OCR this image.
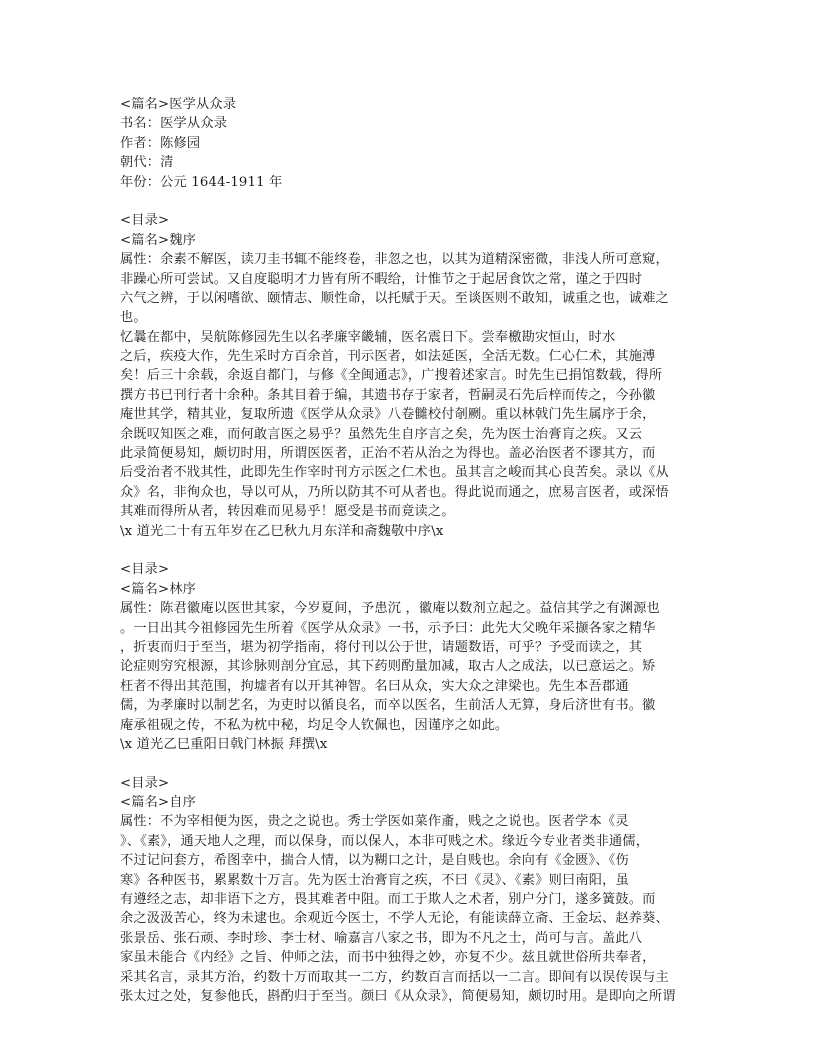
<篇名>医学从众录
书名：医学从众录
作者：陈修园
朝代：清
年份：公元 1644-1911 年
<目录>
<篇名>魏序
属性：余素不解医，读刀圭书辄不能终卷，非忽之也，以其为道精深密微，非浅人所可意窥，
非躁心所可尝试。又自度聪明才力皆有所不暇给，计惟节之于起居食饮之常，谨之于四时
六气之辨，于以闲嗜欲、颐情志、顺性命，以托赋于天。至谈医则不敢知，诚重之也，诚难之
也。
忆曩在都中，吴航陈修园先生以名孝廉宰畿辅，医名震日下。尝奉檄勘灾恒山，时水
之后，疾疫大作，先生采时方百余首，刊示医者，如法延医，全活无数。仁心仁术，其施溥
矣！后三十余载，余返自都门，与修《全闽通志》，广搜着述家言。时先生已捐馆数载，得所
撰方书已刊行者十余种。条其目着于编，其遗书存于家者，哲嗣灵石先后梓而传之，今孙徽
庵世其学，精其业，复取所遗《医学从众录》八卷雠校付剞劂。重以林戟门先生属序于余，
余既叹知医之难，而何敢言医之易乎？虽然先生自序言之矣，先为医士治膏肓之疾。又云
此录简便易知，颇切时用，所谓医医者，正治不若从治之为得也。盖必治医者不谬其方，而
后受治者不戕其性，此即先生作宰时刊方示医之仁术也。虽其言之峻而其心良苦矣。录以《从
众》名，非徇众也，导以可从，乃所以防其不可从者也。得此说而通之，庶易言医者，或深悟
其难而得所从者，转因难而见易乎！愿受是书而竟读之。
\x 道光二十有五年岁在乙巳秋九月东洋和斋魏敬中序\x
<目录>
<篇名>林序
属性：陈君徽庵以医世其家，今岁夏间，予患沉 ，徽庵以数剂立起之。益信其学之有渊源也
。一日出其今祖修园先生所着《医学从众录》一书，示予曰：此先大父晚年采撷各家之精华
，折衷而归于至当，堪为初学指南，将付刊以公于世，请题数语，可乎？予受而读之，其
论症则穷究根源，其诊脉则剖分宜忌，其下药则酌量加减，取古人之成法，以已意运之。矫
枉者不得出其范围，拘墟者有以开其神智。名曰从众，实大众之津梁也。先生本吾郡通
儒，为孝廉时以制艺名，为吏时以循良名，而卒以医名，生前活人无算，身后济世有书。徽
庵承祖砚之传，不私为枕中秘，均足令人钦佩也，因谨序之如此。
\x 道光乙巳重阳日戟门林振 拜撰\x
<目录>
<篇名>自序
属性：不为宰相便为医，贵之之说也。秀士学医如菜作齑，贱之之说也。医者学本《灵
》、《素》，通天地人之理，而以保身，而以保人，本非可贱之术。缘近今专业者类非通儒，
不过记问套方，希图幸中，揣合人情，以为糊口之计，是自贱也。余向有《金匮》、《伤
寒》各种医书，累累数十万言。先为医士治膏肓之疾，不曰《灵》、《素》则曰南阳，虽
有遵经之志，却非语下之方，畏其难者中阻。而工于欺人之术者，别户分门，遂多簧鼓。而
余之汲汲苦心，终为未逮也。余观近今医士，不学人无论，有能读薛立斋、王金坛、赵养葵、
张景岳、张石顽、李时珍、李士材、喻嘉言八家之书，即为不凡之士，尚可与言。盖此八
家虽未能合《内经》之旨、仲师之法，而书中独得之妙，亦复不少。兹且就世俗所共奉者，
采其名言，录其方治，约数十万而取其一二方，约数百言而括以一二言。即间有以误传误与主
张太过之处，复参他氏，斟酌归于至当。颜曰《从众录》，简便易知，颇切时用。是即向之所谓
